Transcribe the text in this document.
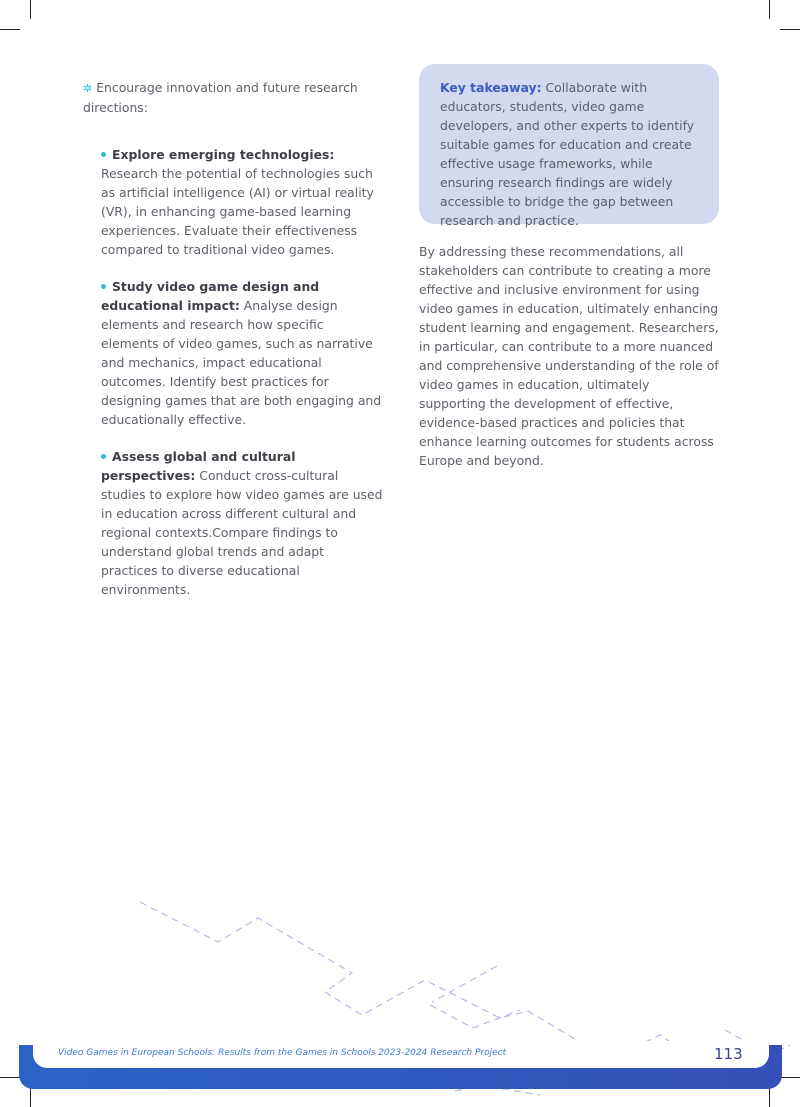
✲ Encourage innovation and future research directions:

Explore emerging technologies: Research the potential of technologies such as artificial intelligence (AI) or virtual reality (VR), in enhancing game-based learning experiences. Evaluate their effectiveness compared to traditional video games.

Study video game design and educational impact: Analyse design elements and research how specific elements of video games, such as narrative and mechanics, impact educational outcomes. Identify best practices for designing games that are both engaging and educationally effective.

Assess global and cultural perspectives: Conduct cross-cultural studies to explore how video games are used in education across different cultural and regional contexts.Compare findings to understand global trends and adapt practices to diverse educational environments.

Key takeaway: Collaborate with educators, students, video game developers, and other experts to identify suitable games for education and create effective usage frameworks, while ensuring research findings are widely accessible to bridge the gap between research and practice.

By addressing these recommendations, all stakeholders can contribute to creating a more effective and inclusive environment for using video games in education, ultimately enhancing student learning and engagement. Researchers, in particular, can contribute to a more nuanced and comprehensive understanding of the role of video games in education, ultimately supporting the development of effective, evidence-based practices and policies that enhance learning outcomes for students across Europe and beyond.

Video Games in European Schools: Results from the Games in Schools 2023-2024 Research Project	113
